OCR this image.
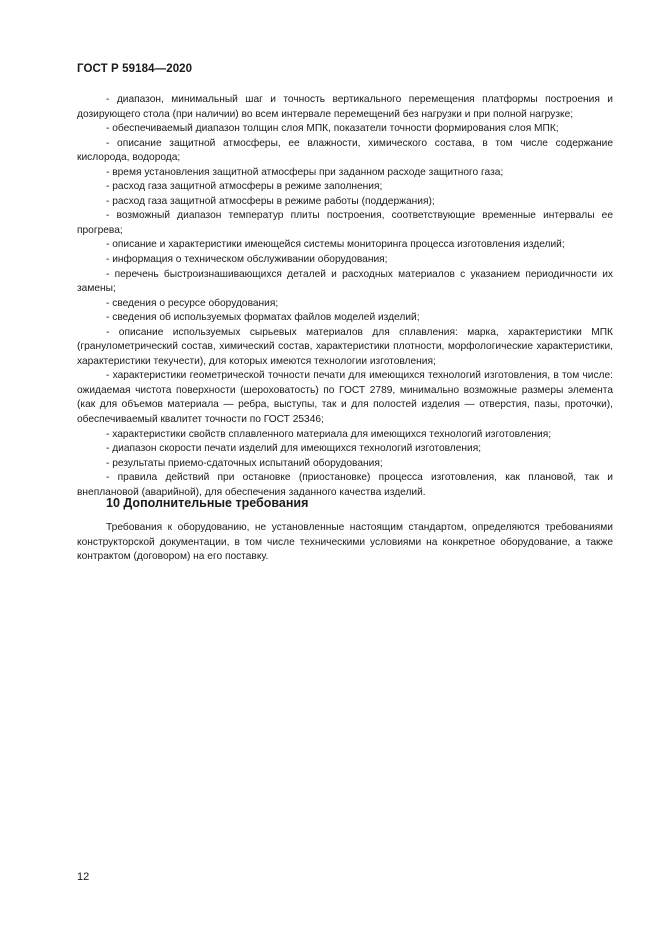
ГОСТ Р 59184—2020

- диапазон, минимальный шаг и точность вертикального перемещения платформы построения и дозирующего стола (при наличии) во всем интервале перемещений без нагрузки и при полной нагрузке;

- обеспечиваемый диапазон толщин слоя МПК, показатели точности формирования слоя МПК;

- описание защитной атмосферы, ее влажности, химического состава, в том числе содержание кислорода, водорода;

- время установления защитной атмосферы при заданном расходе защитного газа;

- расход газа защитной атмосферы в режиме заполнения;

- расход газа защитной атмосферы в режиме работы (поддержания);

- возможный диапазон температур плиты построения, соответствующие временные интервалы ее прогрева;

- описание и характеристики имеющейся системы мониторинга процесса изготовления изделий;

- информация о техническом обслуживании оборудования;

- перечень быстроизнашивающихся деталей и расходных материалов с указанием периодичности их замены;

- сведения о ресурсе оборудования;

- сведения об используемых форматах файлов моделей изделий;

- описание используемых сырьевых материалов для сплавления: марка, характеристики МПК (гранулометрический состав, химический состав, характеристики плотности, морфологические характеристики, характеристики текучести), для которых имеются технологии изготовления;

- характеристики геометрической точности печати для имеющихся технологий изготовления, в том числе: ожидаемая чистота поверхности (шероховатость) по ГОСТ 2789, минимально возможные размеры элемента (как для объемов материала — ребра, выступы, так и для полостей изделия — отверстия, пазы, проточки), обеспечиваемый квалитет точности по ГОСТ 25346;

- характеристики свойств сплавленного материала для имеющихся технологий изготовления;

- диапазон скорости печати изделий для имеющихся технологий изготовления;

- результаты приемо-сдаточных испытаний оборудования;

- правила действий при остановке (приостановке) процесса изготовления, как плановой, так и внеплановой (аварийной), для обеспечения заданного качества изделий.

10 Дополнительные требования

Требования к оборудованию, не установленные настоящим стандартом, определяются требованиями конструкторской документации, в том числе техническими условиями на конкретное оборудование, а также контрактом (договором) на его поставку.

12
